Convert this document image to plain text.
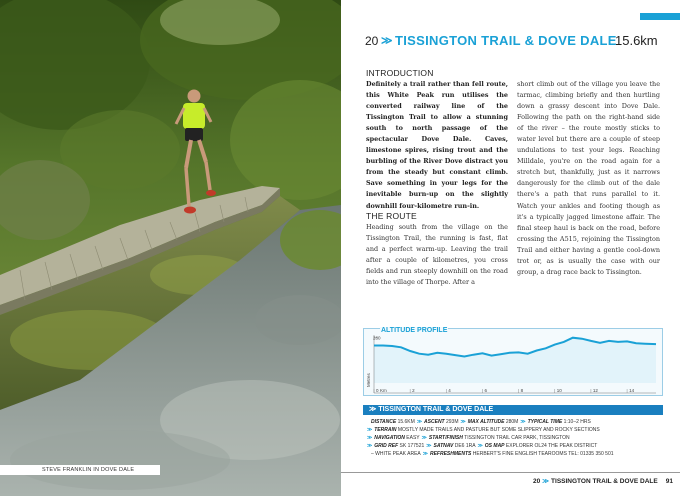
STEVE FRANKLIN IN DOVE DALE
20 ≫ TISSINGTON TRAIL & DOVE DALE
15.6km
INTRODUCTION
Definitely a trail rather than fell route, this White Peak run utilises the converted railway line of the Tissington Trail to allow a stunning south to north passage of the spectacular Dove Dale. Caves, limestone spires, rising trout and the burbling of the River Dove distract you from the steady but constant climb. Save something in your legs for the inevitable burn-up on the slightly downhill four-kilometre run-in.
THE ROUTE
Heading south from the village on the Tissington Trail, the running is fast, flat and a perfect warm-up. Leaving the trail after a couple of kilometres, you cross fields and run steeply downhill on the road into the village of Thorpe. After a
short climb out of the village you leave the tarmac, climbing briefly and then hurtling down a grassy descent into Dove Dale. Following the path on the right-hand side of the river – the route mostly sticks to water level but there are a couple of steep undulations to test your legs. Reaching Milldale, you're on the road again for a stretch but, thankfully, just as it narrows dangerously for the climb out of the dale there's a path that runs parallel to it. Watch your ankles and footing though as it's a typically jagged limestone affair. The final steep haul is back on the road, before crossing the A515, rejoining the Tissington Trail and either having a gentle cool-down trot or, as is usually the case with our group, a drag race back to Tissington.
280
Metres
0	2	4	6	8	10	12	14
Km
ALTITUDE PROFILE
≫ TISSINGTON TRAIL & DOVE DALE
DISTANCE 15.6KM ≫ ASCENT 293M ≫ MAX ALTITUDE 280M ≫ TYPICAL TIME 1:10–2 HRS
≫ TERRAIN MOSTLY MADE TRAILS AND PASTURE BUT SOME SLIPPERY AND ROCKY SECTIONS
≫ NAVIGATION EASY ≫ START/FINISH TISSINGTON TRAIL CAR PARK, TISSINGTON
≫ GRID REF SK 177521 ≫ SATNAV DE6 1RA ≫ OS MAP EXPLORER OL24 THE PEAK DISTRICT
– WHITE PEAK AREA ≫ REFRESHMENTS HERBERT'S FINE ENGLISH TEAROOMS TEL: 01335 350 501
20 ≫ TISSINGTON TRAIL & DOVE DALE 91
